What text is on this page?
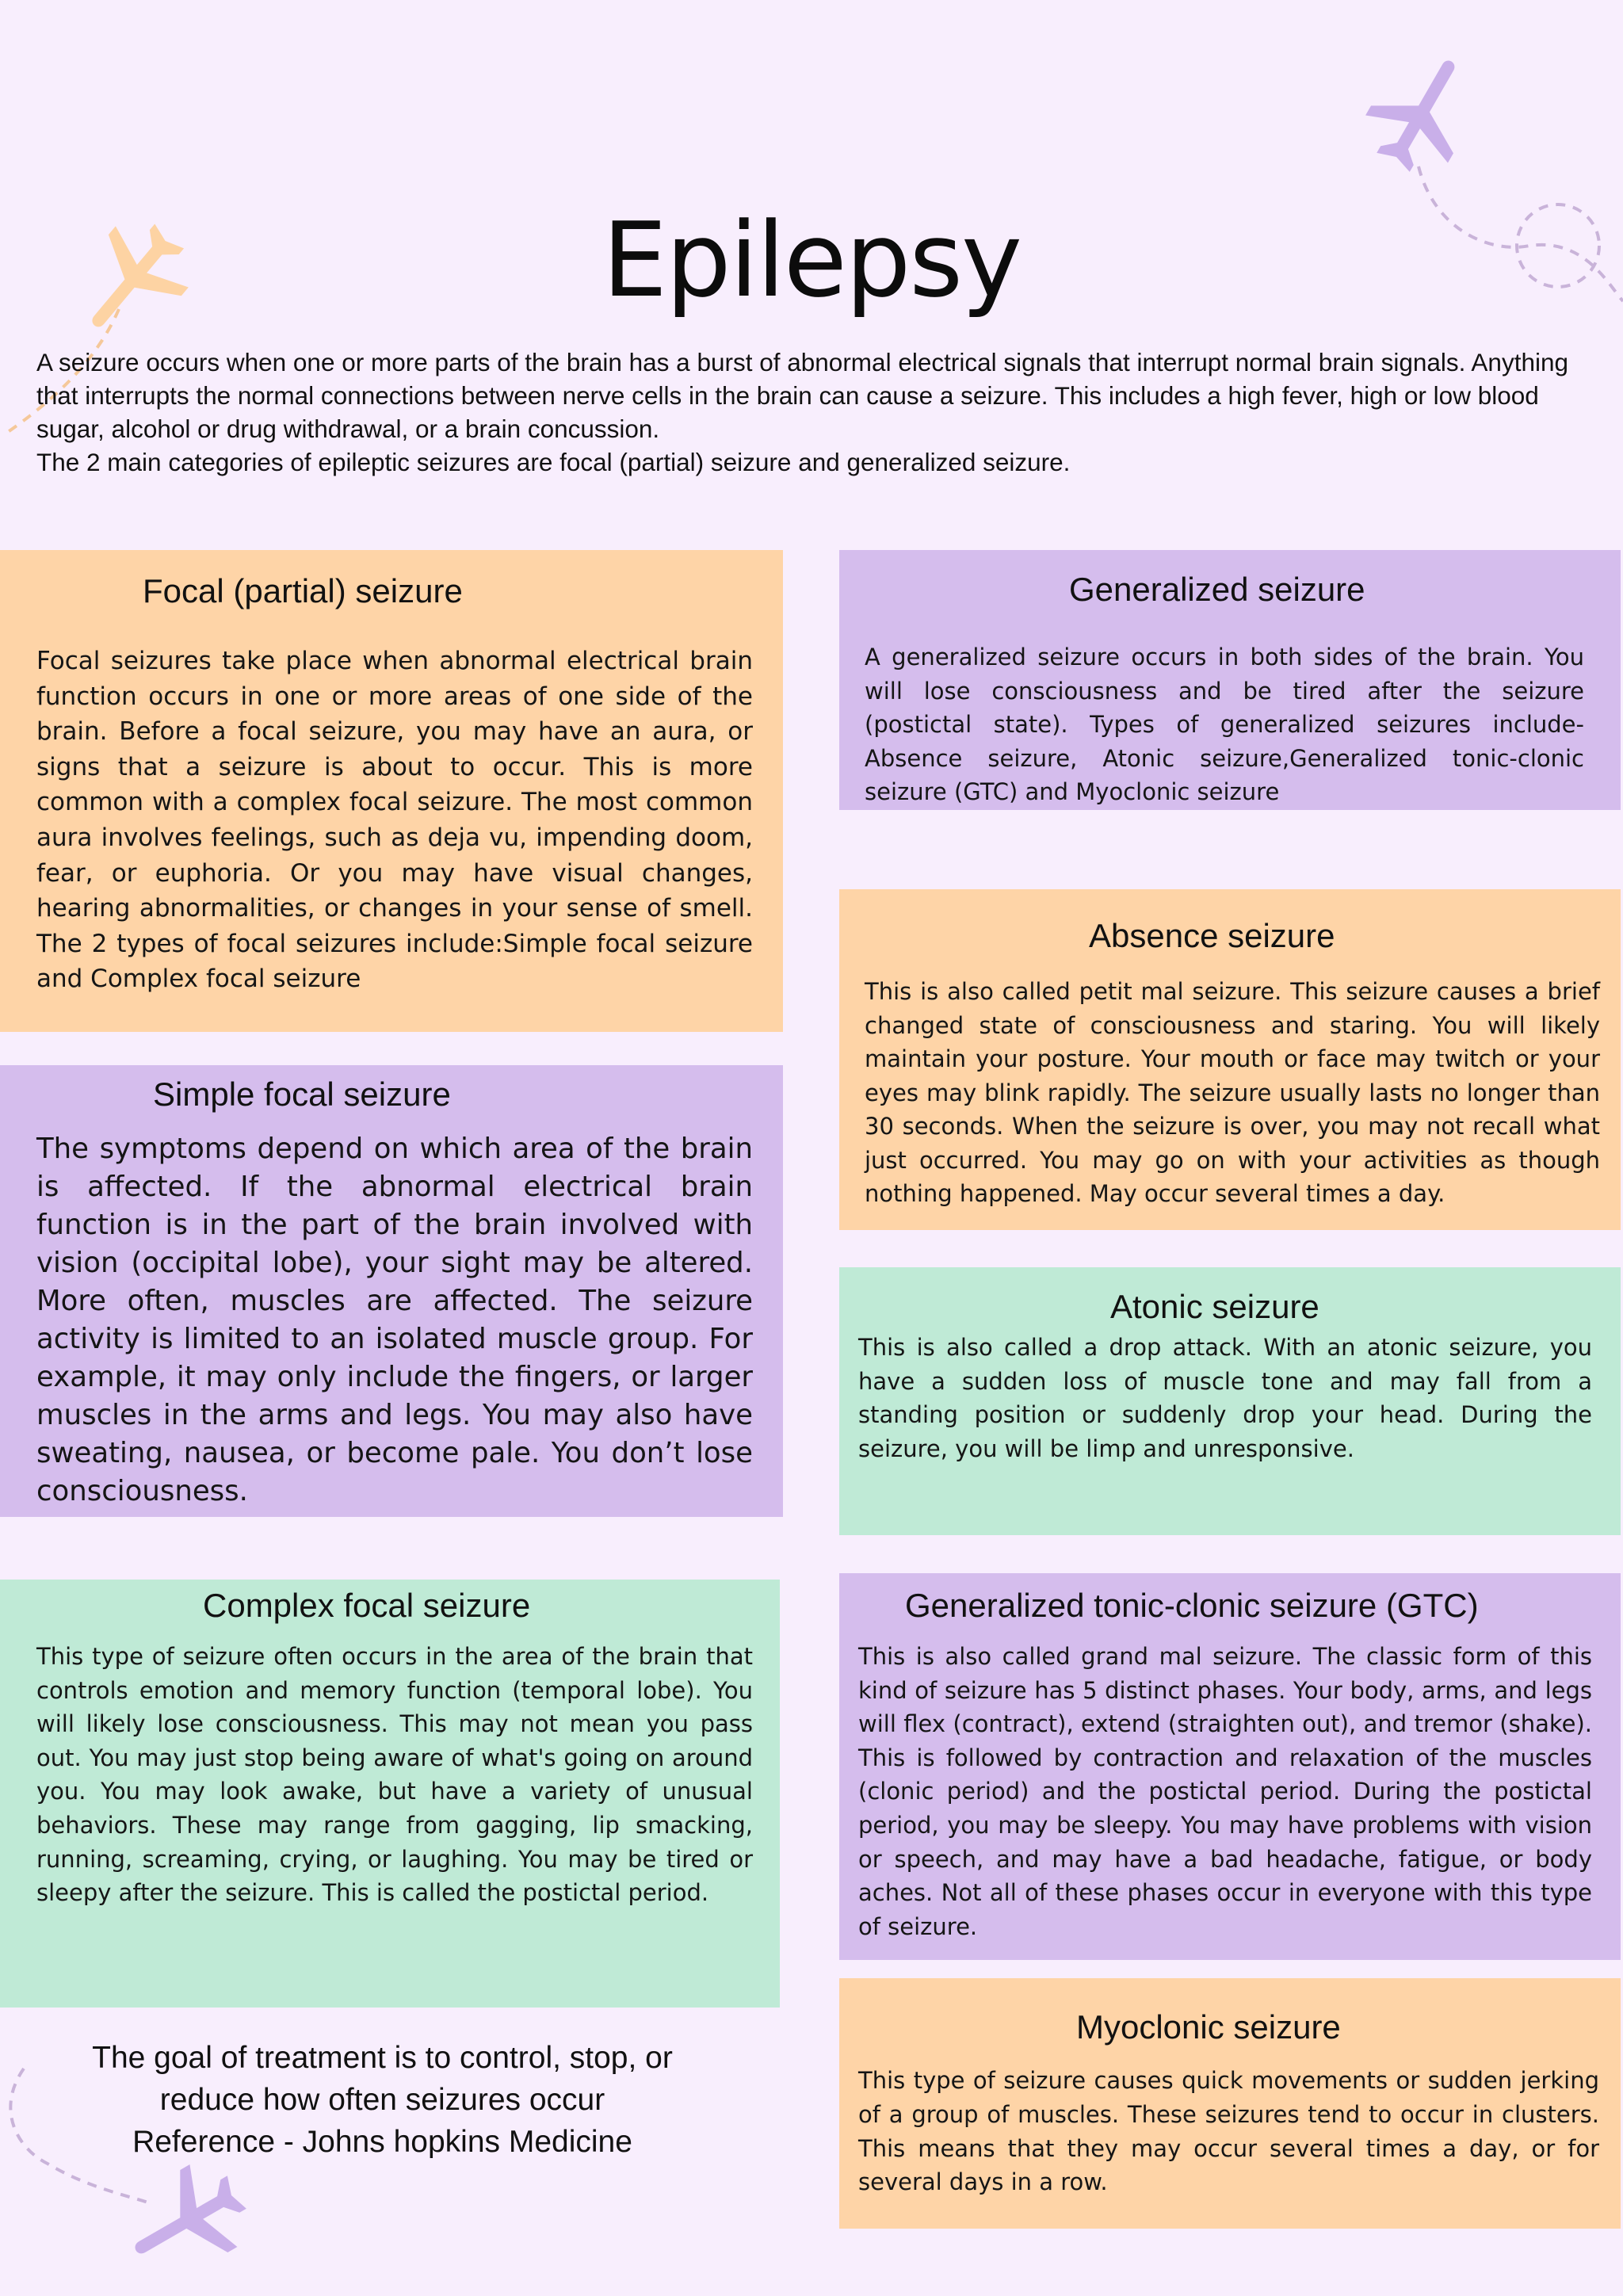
Epilepsy

A seizure occurs when one or more parts of the brain has a burst of abnormal electrical signals that interrupt normal brain signals. Anything that interrupts the normal connections between nerve cells in the brain can cause a seizure. This includes a high fever, high or low blood sugar, alcohol or drug withdrawal, or a brain concussion.

The 2 main categories of epileptic seizures are focal (partial) seizure and generalized seizure.

Focal (partial) seizure

Focal seizures take place when abnormal electrical brain function occurs in one or more areas of one side of the brain. Before a focal seizure, you may have an aura, or signs that a seizure is about to occur. This is more common with a complex focal seizure. The most common aura involves feelings, such as deja vu, impending doom, fear, or euphoria. Or you may have visual changes, hearing abnormalities, or changes in your sense of smell. The 2 types of focal seizures include:Simple focal seizure and Complex focal seizure

Simple focal seizure

The symptoms depend on which area of the brain is affected. If the abnormal electrical brain function is in the part of the brain involved with vision (occipital lobe), your sight may be altered. More often, muscles are affected. The seizure activity is limited to an isolated muscle group. For example, it may only include the fingers, or larger muscles in the arms and legs. You may also have sweating, nausea, or become pale. You don’t lose consciousness.

Complex focal seizure

This type of seizure often occurs in the area of the brain that controls emotion and memory function (temporal lobe). You will likely lose consciousness. This may not mean you pass out. You may just stop being aware of what's going on around you. You may look awake, but have a variety of unusual behaviors. These may range from gagging, lip smacking, running, screaming, crying, or laughing. You may be tired or sleepy after the seizure. This is called the postictal period.

Generalized seizure

A generalized seizure occurs in both sides of the brain. You will lose consciousness and be tired after the seizure (postictal state). Types of generalized seizures include- Absence seizure, Atonic seizure,Generalized tonic-clonic seizure (GTC) and Myoclonic seizure

Absence seizure

This is also called petit mal seizure. This seizure causes a brief changed state of consciousness and staring. You will likely maintain your posture. Your mouth or face may twitch or your eyes may blink rapidly. The seizure usually lasts no longer than 30 seconds. When the seizure is over, you may not recall what just occurred. You may go on with your activities as though nothing happened. May occur several times a day.

Atonic seizure

This is also called a drop attack. With an atonic seizure, you have a sudden loss of muscle tone and may fall from a standing position or suddenly drop your head. During the seizure, you will be limp and unresponsive.

Generalized tonic-clonic seizure (GTC)

This is also called grand mal seizure. The classic form of this kind of seizure has 5 distinct phases. Your body, arms, and legs will flex (contract), extend (straighten out), and tremor (shake). This is followed by contraction and relaxation of the muscles (clonic period) and the postictal period. During the postictal period, you may be sleepy. You may have problems with vision or speech, and may have a bad headache, fatigue, or body aches. Not all of these phases occur in everyone with this type of seizure.

Myoclonic seizure

This type of seizure causes quick movements or sudden jerking of a group of muscles. These seizures tend to occur in clusters. This means that they may occur several times a day, or for several days in a row.

The goal of treatment is to control, stop, or
reduce how often seizures occur
Reference - Johns hopkins Medicine
